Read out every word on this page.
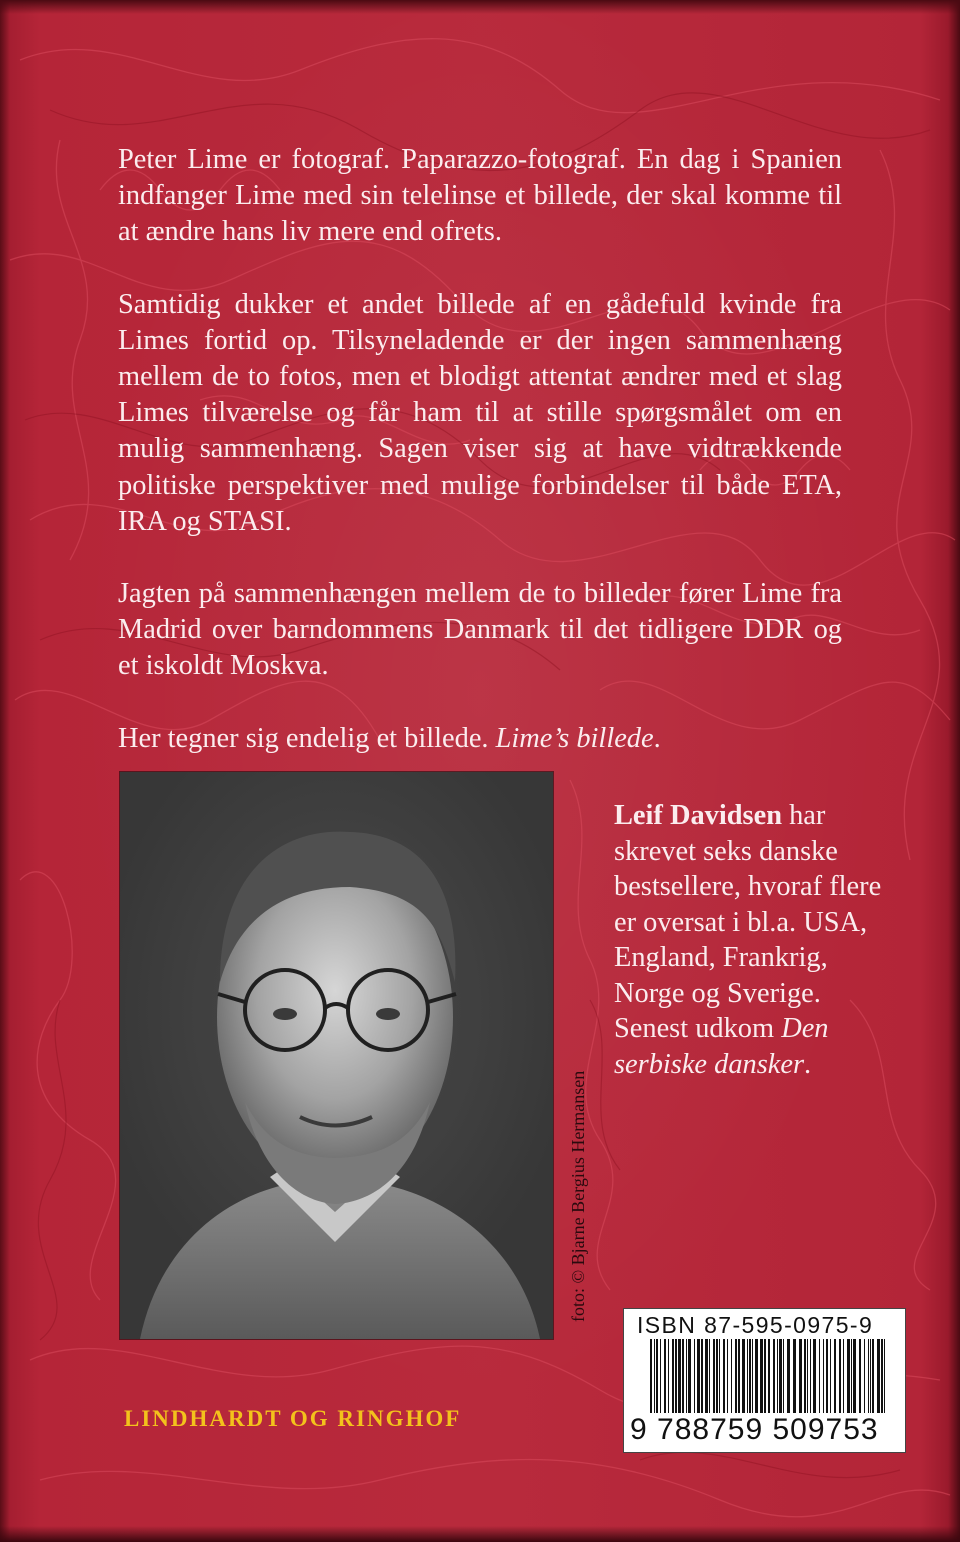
Peter Lime er fotograf. Paparazzo-fotograf. En dag i Spanien indfanger Lime med sin telelinse et billede, der skal komme til at ændre hans liv mere end ofrets.

Samtidig dukker et andet billede af en gådefuld kvinde fra Limes fortid op. Tilsyneladende er der ingen sammenhæng mellem de to fotos, men et blodigt attentat ændrer med et slag Limes tilværelse og får ham til at stille spørgsmålet om en mulig sammenhæng. Sagen viser sig at have vidtrækkende politiske perspektiver med mulige forbindelser til både ETA, IRA og STASI.

Jagten på sammenhængen mellem de to billeder fører Lime fra Madrid over barndommens Danmark til det tidligere DDR og et iskoldt Moskva.

Her tegner sig endelig et billede. Lime’s billede.

foto: © Bjarne Bergius Hermansen
Leif Davidsen har skrevet seks danske bestsellere, hvoraf flere er oversat i bl.a. USA, England, Frankrig, Norge og Sverige.
Senest udkom Den serbiske dansker.
LINDHARDT OG RINGHOF
ISBN 87-595-0975-9
9 788759 509753
